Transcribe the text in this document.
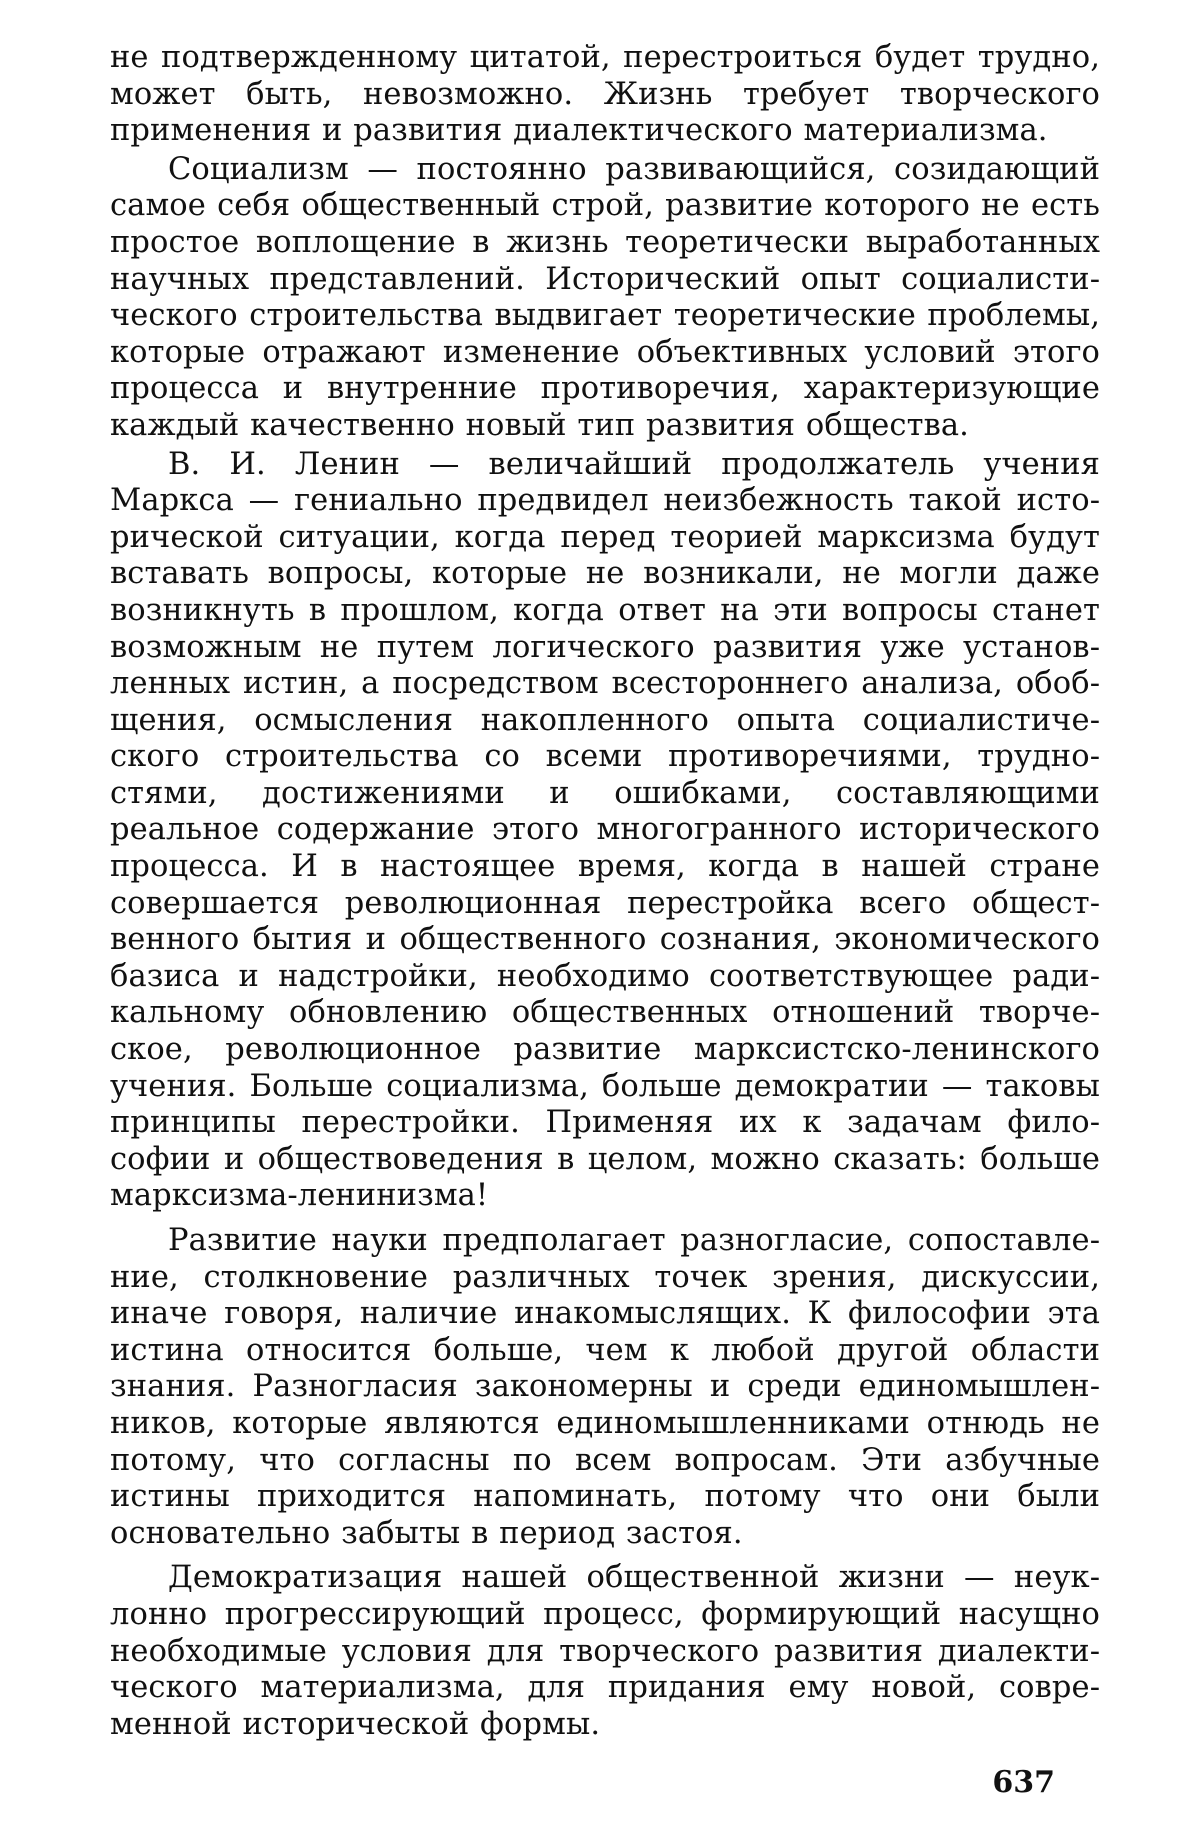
не подтвержденному цитатой, перестроиться будет трудно, может быть, невозможно. Жизнь требует творческого применения и развития диалектического материализма.

Социализм — постоянно развивающийся, созидающий самое себя общественный строй, развитие которого не есть простое воплощение в жизнь теоретически выработанных научных представлений. Исторический опыт социалистического строительства выдвигает теоретические проблемы, которые отражают изменение объективных условий этого процесса и внутренние противоречия, характеризующие каждый качественно новый тип развития общества.

В. И. Ленин — величайший продолжатель учения Маркса — гениально предвидел неизбежность такой исторической ситуации, когда перед теорией марксизма будут вставать вопросы, которые не возникали, не могли даже возникнуть в прошлом, когда ответ на эти вопросы станет возможным не путем логического развития уже установленных истин, а посредством всестороннего анализа, обобщения, осмысления накопленного опыта социалистического строительства со всеми противоречиями, трудностями, достижениями и ошибками, составляющими реальное содержание этого многогранного исторического процесса. И в настоящее время, когда в нашей стране совершается революционная перестройка всего общественного бытия и общественного сознания, экономического базиса и надстройки, необходимо соответствующее радикальному обновлению общественных отношений творческое, революционное развитие марксистско-ленинского учения. Больше социализма, больше демократии — таковы принципы перестройки. Применяя их к задачам философии и обществоведения в целом, можно сказать: больше марксизма-ленинизма!

Развитие науки предполагает разногласие, сопоставление, столкновение различных точек зрения, дискуссии, иначе говоря, наличие инакомыслящих. К философии эта истина относится больше, чем к любой другой области знания. Разногласия закономерны и среди единомышленников, которые являются единомышленниками отнюдь не потому, что согласны по всем вопросам. Эти азбучные истины приходится напоминать, потому что они были основательно забыты в период застоя.

Демократизация нашей общественной жизни — неуклонно прогрессирующий процесс, формирующий насущно необходимые условия для творческого развития диалектического материализма, для придания ему новой, современной исторической формы.

637
